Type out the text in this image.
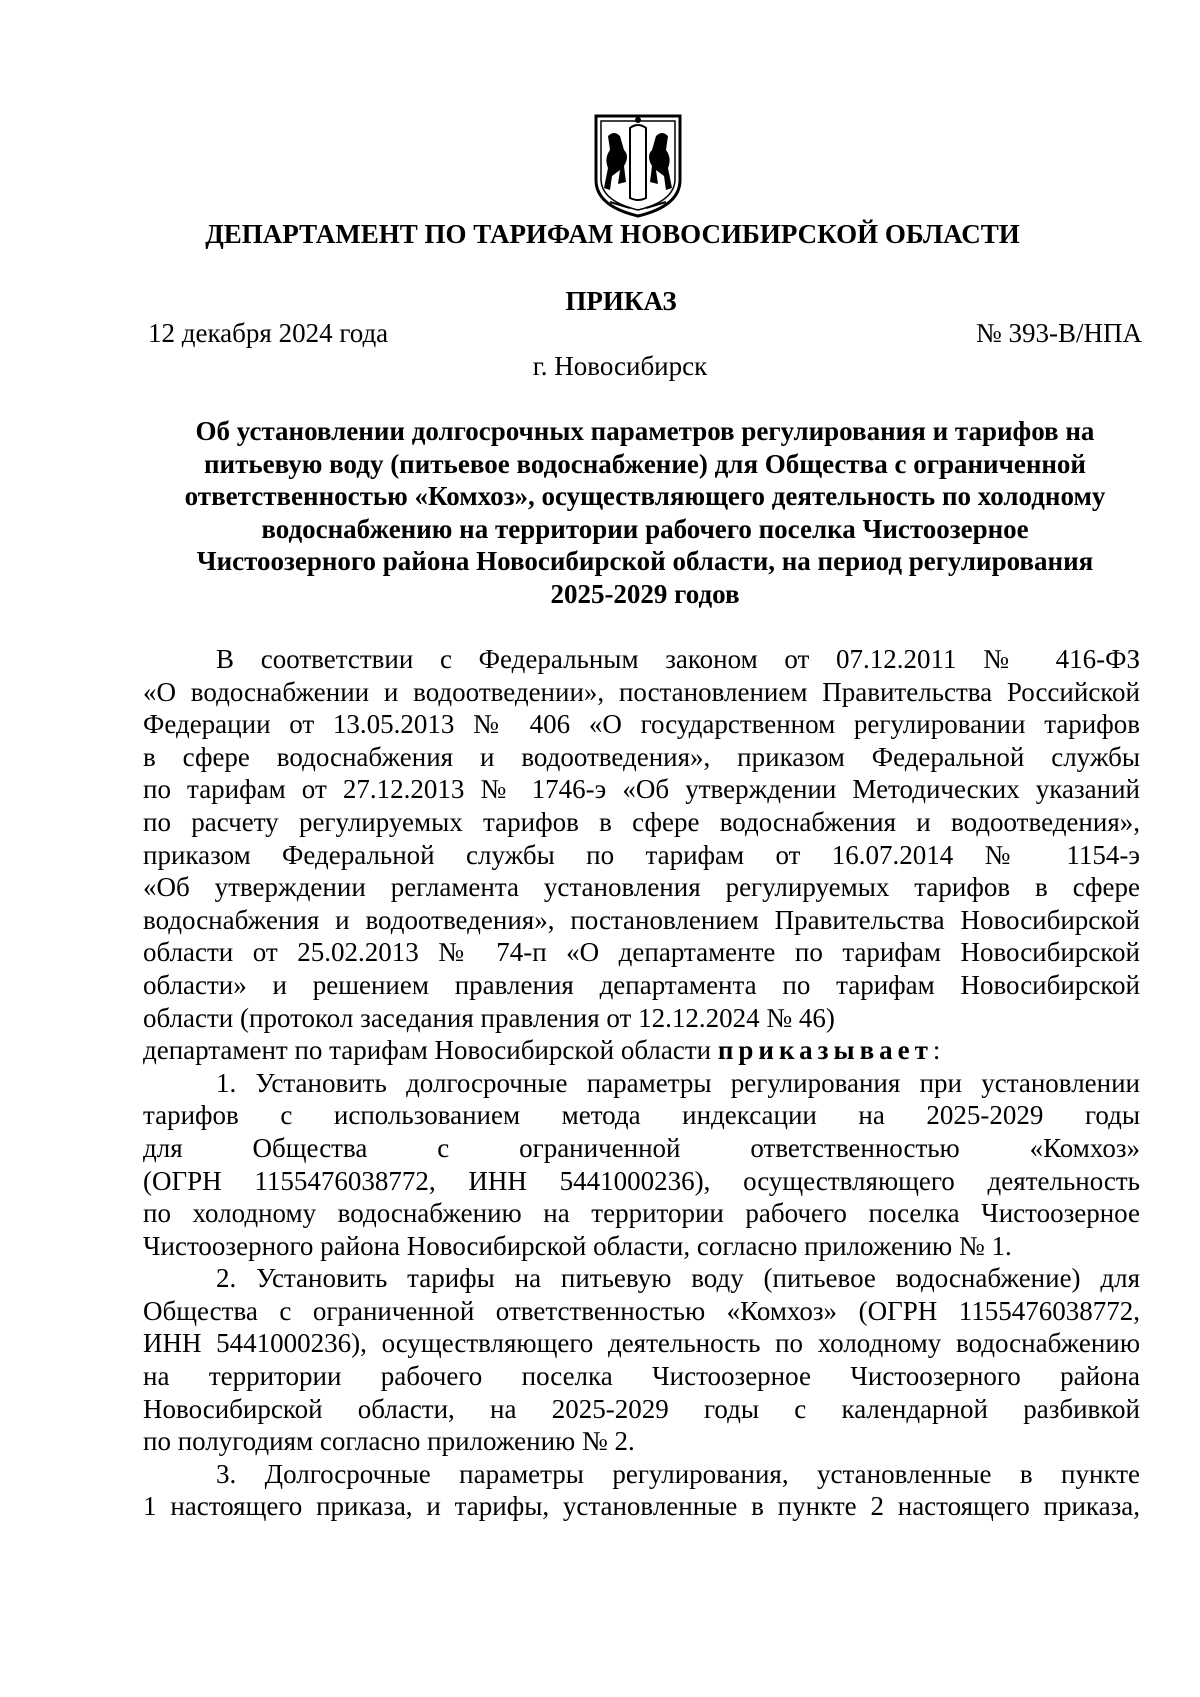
ДЕПАРТАМЕНТ ПО ТАРИФАМ НОВОСИБИРСКОЙ ОБЛАСТИ
ПРИКАЗ
12 декабря 2024 года	№ 393-В/НПА
г. Новосибирск
Об установлении долгосрочных параметров регулирования и тарифов на
питьевую воду (питьевое водоснабжение) для Общества с ограниченной
ответственностью «Комхоз», осуществляющего деятельность по холодному
водоснабжению на территории рабочего поселка Чистоозерное
Чистоозерного района Новосибирской области, на период регулирования
2025-2029 годов
В соответствии с Федеральным законом от 07.12.2011 № 416-ФЗ
«О водоснабжении и водоотведении», постановлением Правительства Российской
Федерации от 13.05.2013 № 406 «О государственном регулировании тарифов
в сфере водоснабжения и водоотведения», приказом Федеральной службы
по тарифам от 27.12.2013 № 1746-э «Об утверждении Методических указаний
по расчету регулируемых тарифов в сфере водоснабжения и водоотведения»,
приказом Федеральной службы по тарифам от 16.07.2014 № 1154-э
«Об утверждении регламента установления регулируемых тарифов в сфере
водоснабжения и водоотведения», постановлением Правительства Новосибирской
области от 25.02.2013 № 74-п «О департаменте по тарифам Новосибирской
области» и решением правления департамента по тарифам Новосибирской
области (протокол заседания правления от 12.12.2024 № 46)
департамент по тарифам Новосибирской области приказывает:
1. Установить долгосрочные параметры регулирования при установлении
тарифов с использованием метода индексации на 2025-2029 годы
для Общества с ограниченной ответственностью «Комхоз»
(ОГРН 1155476038772, ИНН 5441000236), осуществляющего деятельность
по холодному водоснабжению на территории рабочего поселка Чистоозерное
Чистоозерного района Новосибирской области, согласно приложению № 1.
2. Установить тарифы на питьевую воду (питьевое водоснабжение) для
Общества с ограниченной ответственностью «Комхоз» (ОГРН 1155476038772,
ИНН 5441000236), осуществляющего деятельность по холодному водоснабжению
на территории рабочего поселка Чистоозерное Чистоозерного района
Новосибирской области, на 2025-2029 годы с календарной разбивкой
по полугодиям согласно приложению № 2.
3. Долгосрочные параметры регулирования, установленные в пункте
1 настоящего приказа, и тарифы, установленные в пункте 2 настоящего приказа,
